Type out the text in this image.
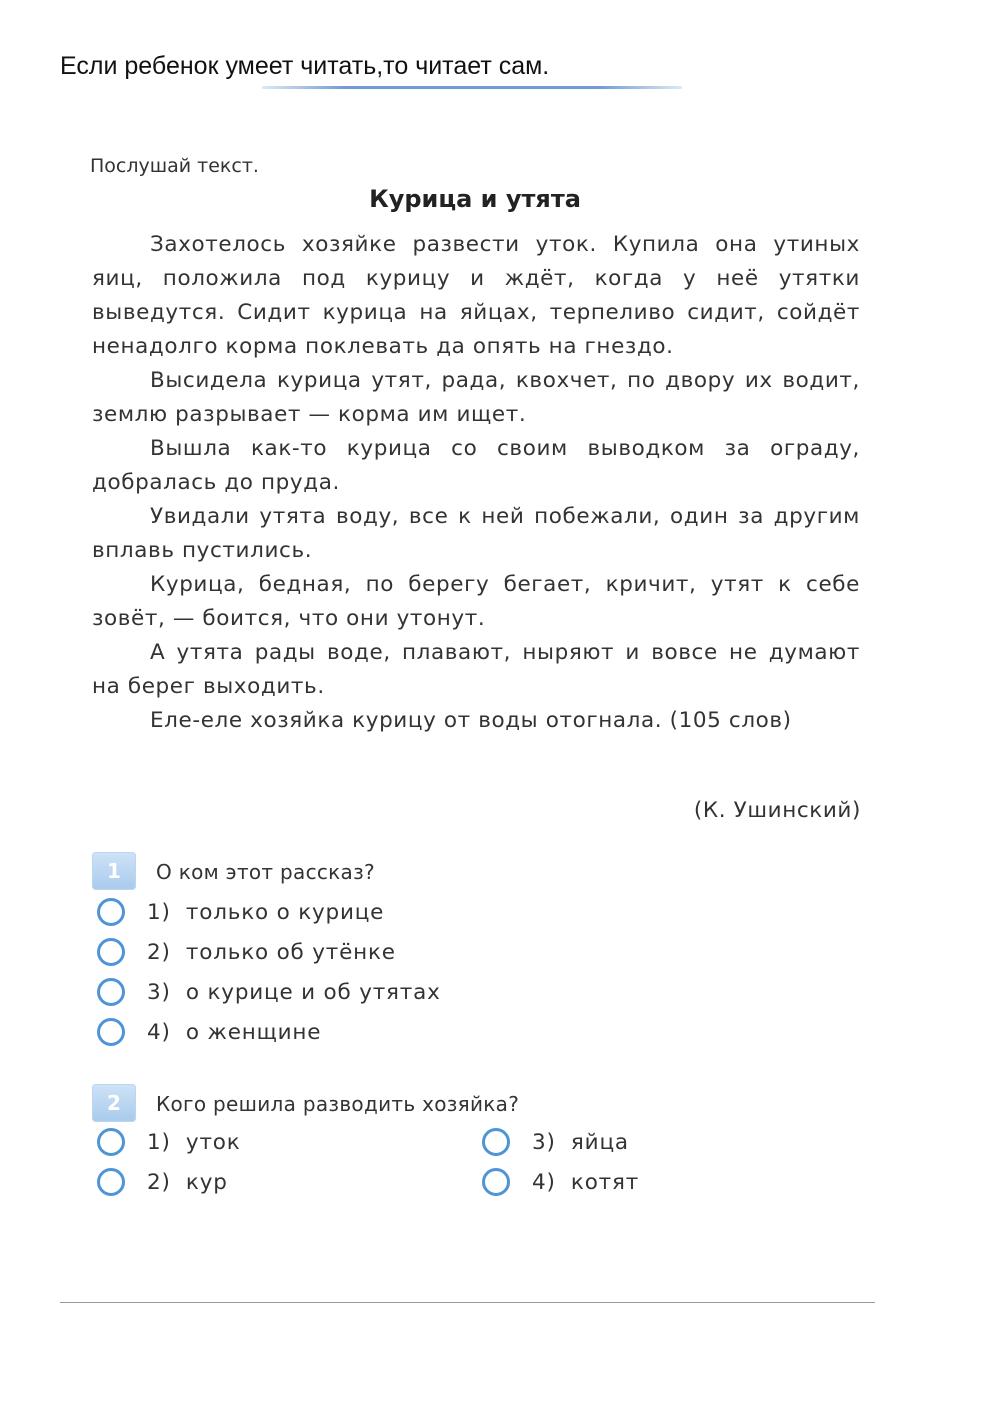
Если ребенок умеет читать,то читает сам.
Послушай текст.
Курица и утята

Захотелось хозяйке развести уток. Купила она утиных яиц, положила под курицу и ждёт, когда у неё утятки выведутся. Сидит курица на яйцах, терпеливо сидит, сойдёт ненадолго корма поклевать да опять на гнездо.

Высидела курица утят, рада, квохчет, по двору их водит, землю разрывает — корма им ищет.

Вышла как-то курица со своим выводком за ограду, добралась до пруда.

Увидали утята воду, все к ней побежали, один за другим вплавь пустились.

Курица, бедная, по берегу бегает, кричит, утят к себе зовёт, — боится, что они утонут.

А утята рады воде, плавают, ныряют и вовсе не думают на берег выходить.

Еле-еле хозяйка курицу от воды отогнала. (105 слов)

(К. Ушинский)
1	О ком этот рассказ?
1)  только о курице
2)  только об утёнке
3)  о курице и об утятах
4)  о женщине
2	Кого решила разводить хозяйка?
1)  уток
2)  кур
3)  яйца
4)  котят
